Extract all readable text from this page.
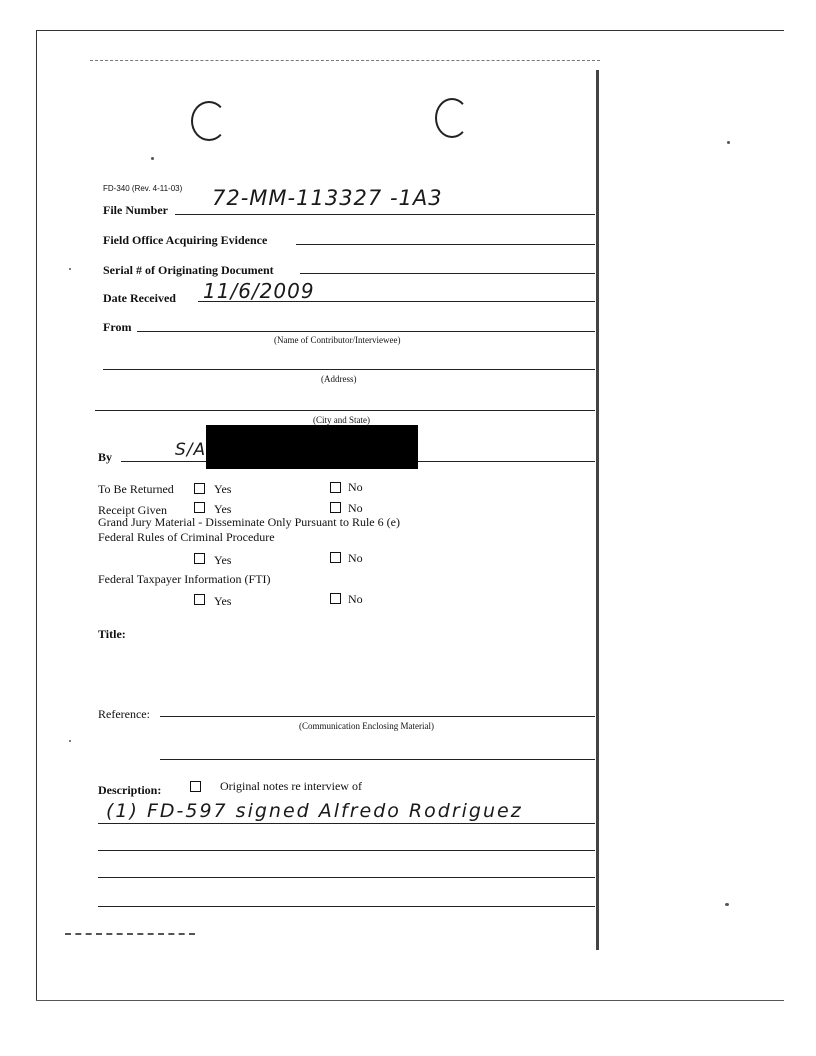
FD-340 (Rev. 4-11-03)
File Number 72-MM-113327 -1A3
Field Office Acquiring Evidence
Serial # of Originating Document
Date Received 11/6/2009
From
(Name of Contributor/Interviewee)
(Address)
(City and State)
By	S/A
To Be Returned	Yes	No
Receipt Given	Yes	No
Grand Jury Material - Disseminate Only Pursuant to Rule 6 (e)
Federal Rules of Criminal Procedure
Yes	No
Federal Taxpayer Information (FTI)
Yes	No
Title:
Reference:
(Communication Enclosing Material)
Description:	Original notes re interview of
(1) FD-597 signed Alfredo Rodriguez
